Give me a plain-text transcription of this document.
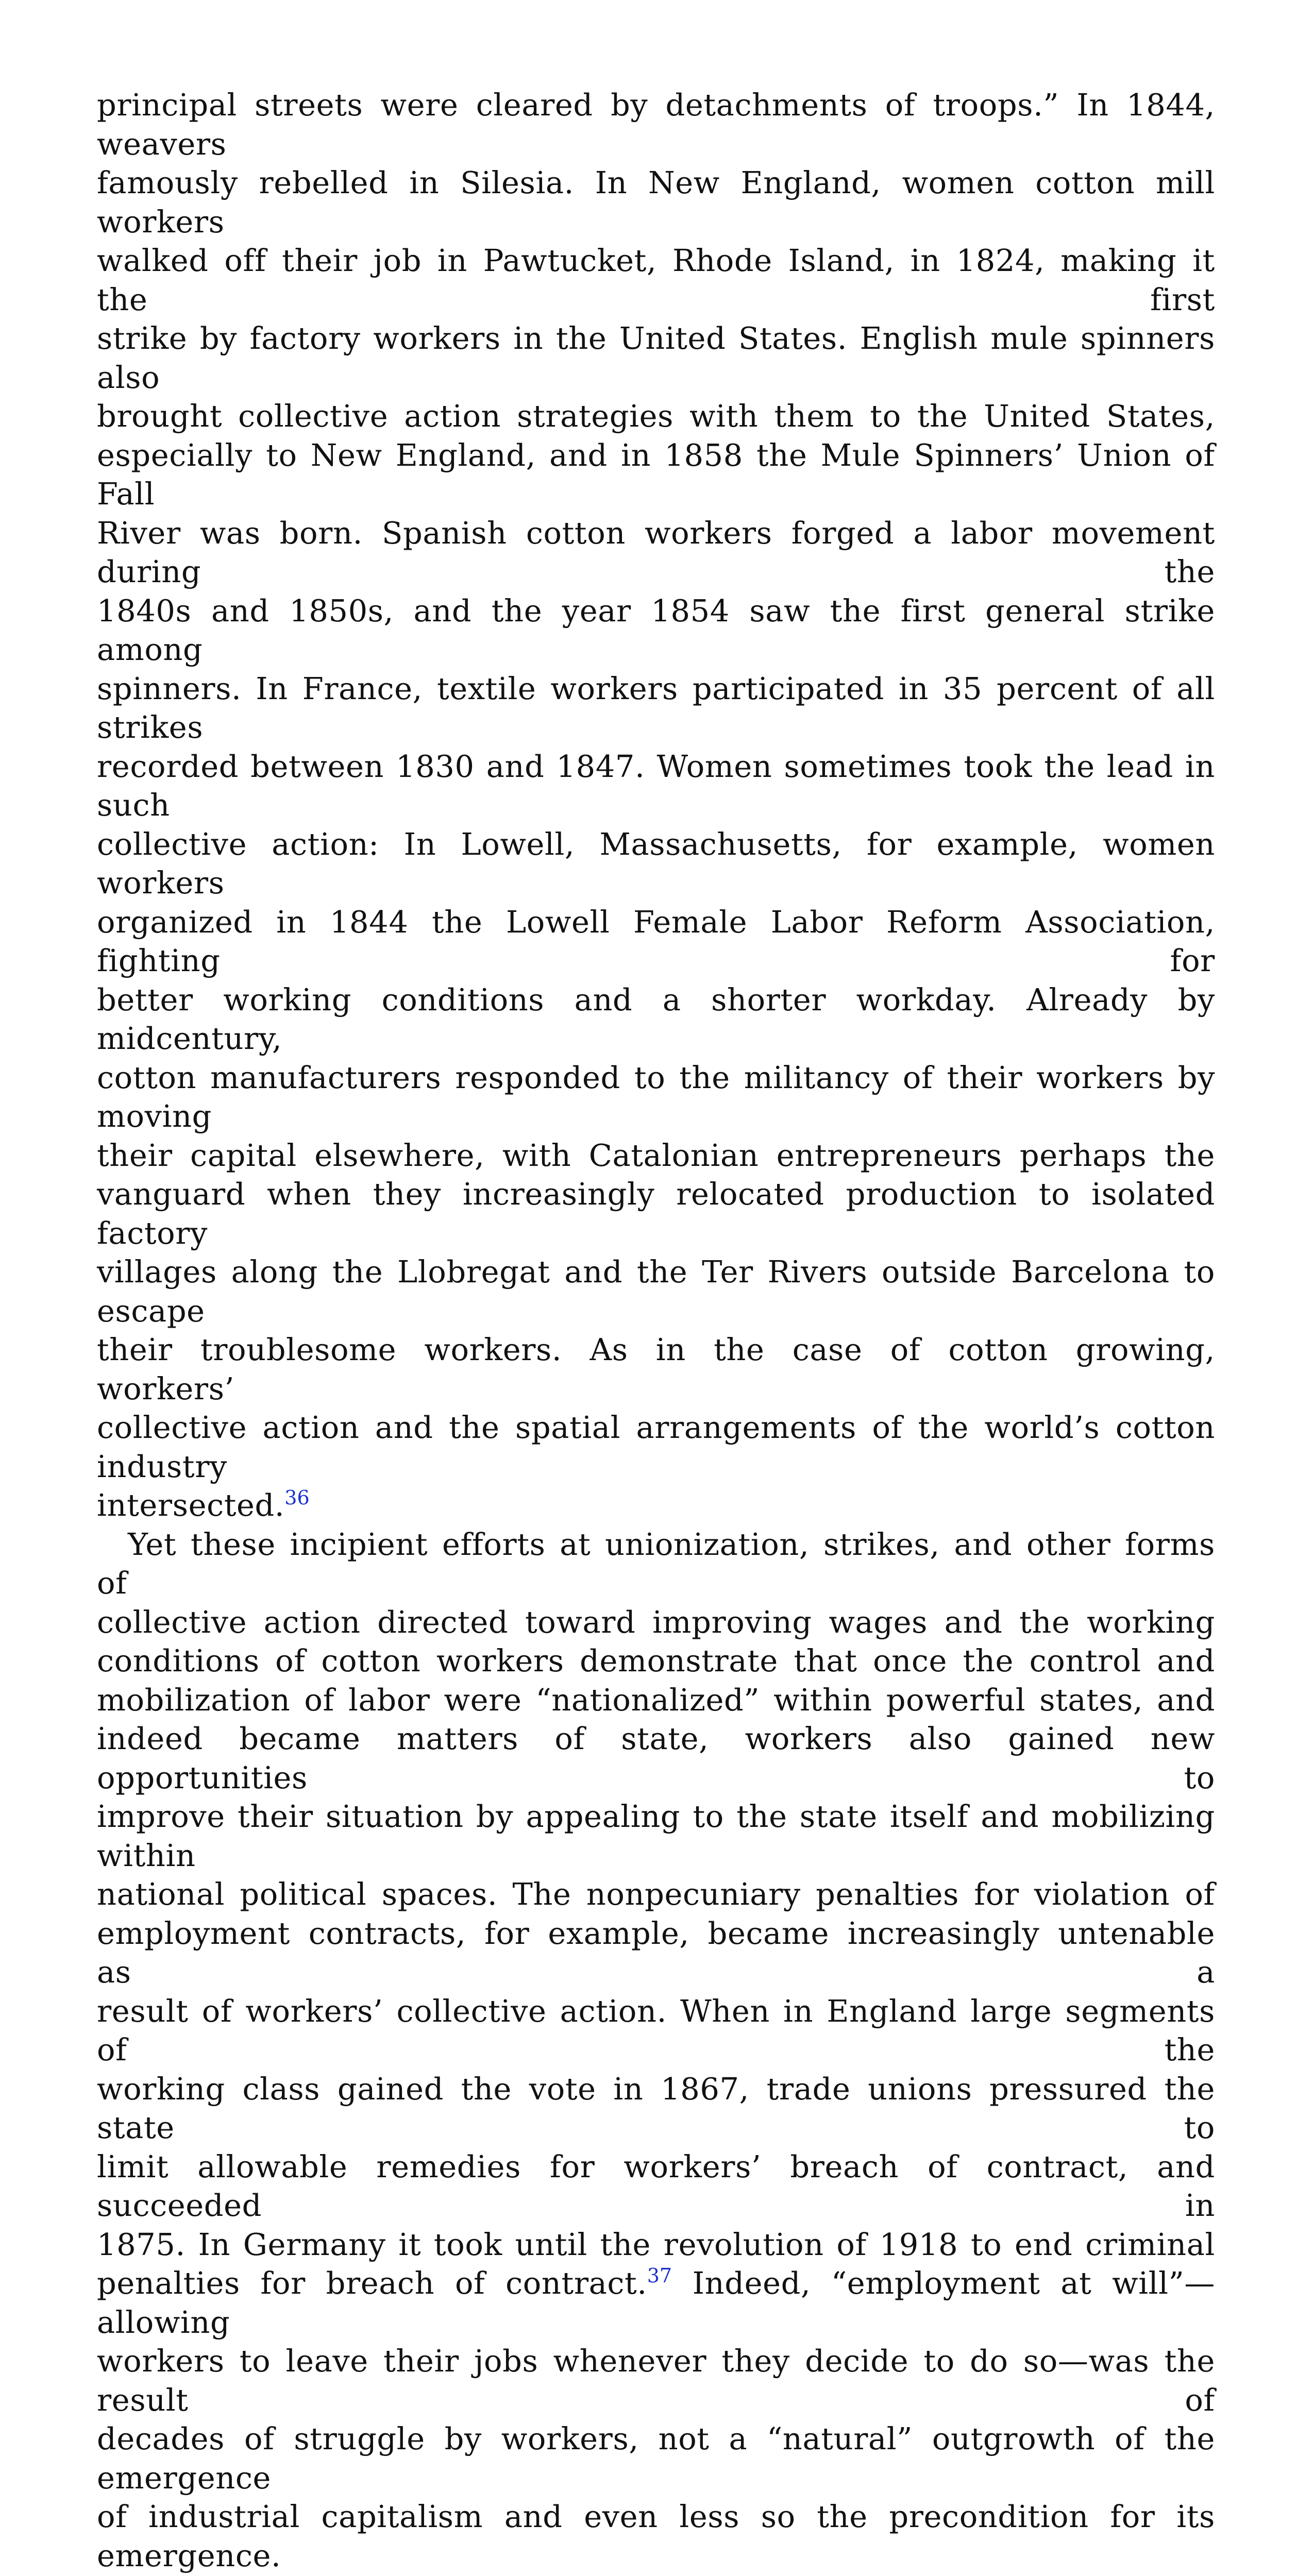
principal streets were cleared by detachments of troops.” In 1844, weavers
famously rebelled in Silesia. In New England, women cotton mill workers
walked off their job in Pawtucket, Rhode Island, in 1824, making it the first
strike by factory workers in the United States. English mule spinners also
brought collective action strategies with them to the United States,
especially to New England, and in 1858 the Mule Spinners’ Union of Fall
River was born. Spanish cotton workers forged a labor movement during the
1840s and 1850s, and the year 1854 saw the first general strike among
spinners. In France, textile workers participated in 35 percent of all strikes
recorded between 1830 and 1847. Women sometimes took the lead in such
collective action: In Lowell, Massachusetts, for example, women workers
organized in 1844 the Lowell Female Labor Reform Association, fighting for
better working conditions and a shorter workday. Already by midcentury,
cotton manufacturers responded to the militancy of their workers by moving
their capital elsewhere, with Catalonian entrepreneurs perhaps the
vanguard when they increasingly relocated production to isolated factory
villages along the Llobregat and the Ter Rivers outside Barcelona to escape
their troublesome workers. As in the case of cotton growing, workers’
collective action and the spatial arrangements of the world’s cotton industry
intersected.$^{36}$
Yet these incipient efforts at unionization, strikes, and other forms of
collective action directed toward improving wages and the working
conditions of cotton workers demonstrate that once the control and
mobilization of labor were “nationalized” within powerful states, and
indeed became matters of state, workers also gained new opportunities to
improve their situation by appealing to the state itself and mobilizing within
national political spaces. The nonpecuniary penalties for violation of
employment contracts, for example, became increasingly untenable as a
result of workers’ collective action. When in England large segments of the
working class gained the vote in 1867, trade unions pressured the state to
limit allowable remedies for workers’ breach of contract, and succeeded in
1875. In Germany it took until the revolution of 1918 to end criminal
penalties for breach of contract.$^{37}$ Indeed, “employment at will”—allowing
workers to leave their jobs whenever they decide to do so—was the result of
decades of struggle by workers, not a “natural” outgrowth of the emergence
of industrial capitalism and even less so the precondition for its emergence.
